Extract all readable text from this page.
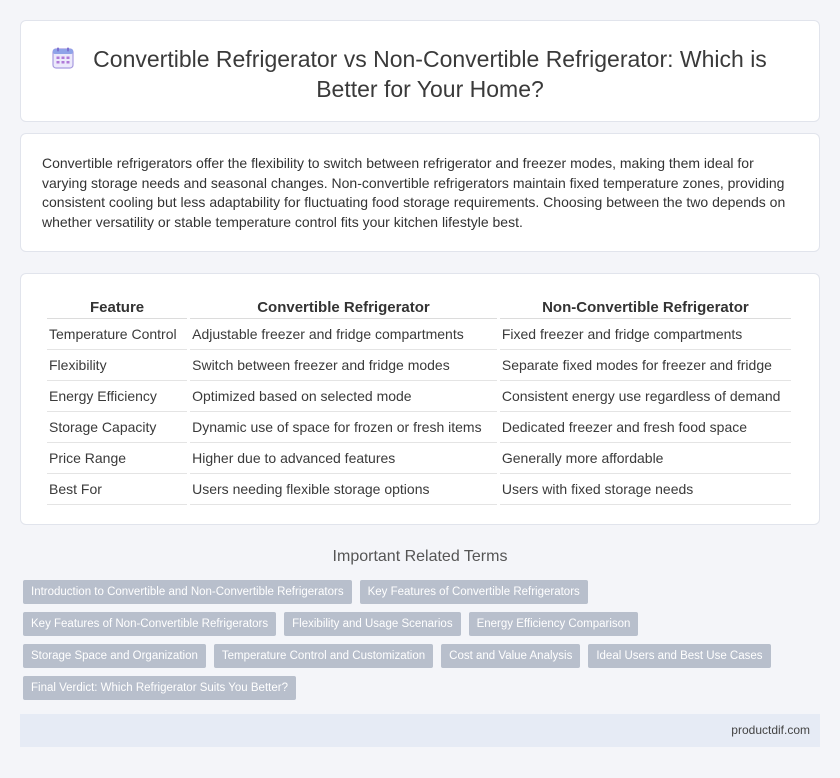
Convertible Refrigerator vs Non-Convertible Refrigerator: Which is Better for Your Home?

Convertible refrigerators offer the flexibility to switch between refrigerator and freezer modes, making them ideal for varying storage needs and seasonal changes. Non-convertible refrigerators maintain fixed temperature zones, providing consistent cooling but less adaptability for fluctuating food storage requirements. Choosing between the two depends on whether versatility or stable temperature control fits your kitchen lifestyle best.

Feature	Convertible Refrigerator	Non-Convertible Refrigerator
Temperature Control	Adjustable freezer and fridge compartments	Fixed freezer and fridge compartments
Flexibility	Switch between freezer and fridge modes	Separate fixed modes for freezer and fridge
Energy Efficiency	Optimized based on selected mode	Consistent energy use regardless of demand
Storage Capacity	Dynamic use of space for frozen or fresh items	Dedicated freezer and fresh food space
Price Range	Higher due to advanced features	Generally more affordable
Best For	Users needing flexible storage options	Users with fixed storage needs
Important Related Terms
Introduction to Convertible and Non-Convertible Refrigerators	Key Features of Convertible Refrigerators
Key Features of Non-Convertible Refrigerators	Flexibility and Usage Scenarios	Energy Efficiency Comparison
Storage Space and Organization	Temperature Control and Customization	Cost and Value Analysis	Ideal Users and Best Use Cases
Final Verdict: Which Refrigerator Suits You Better?
productdif.com
